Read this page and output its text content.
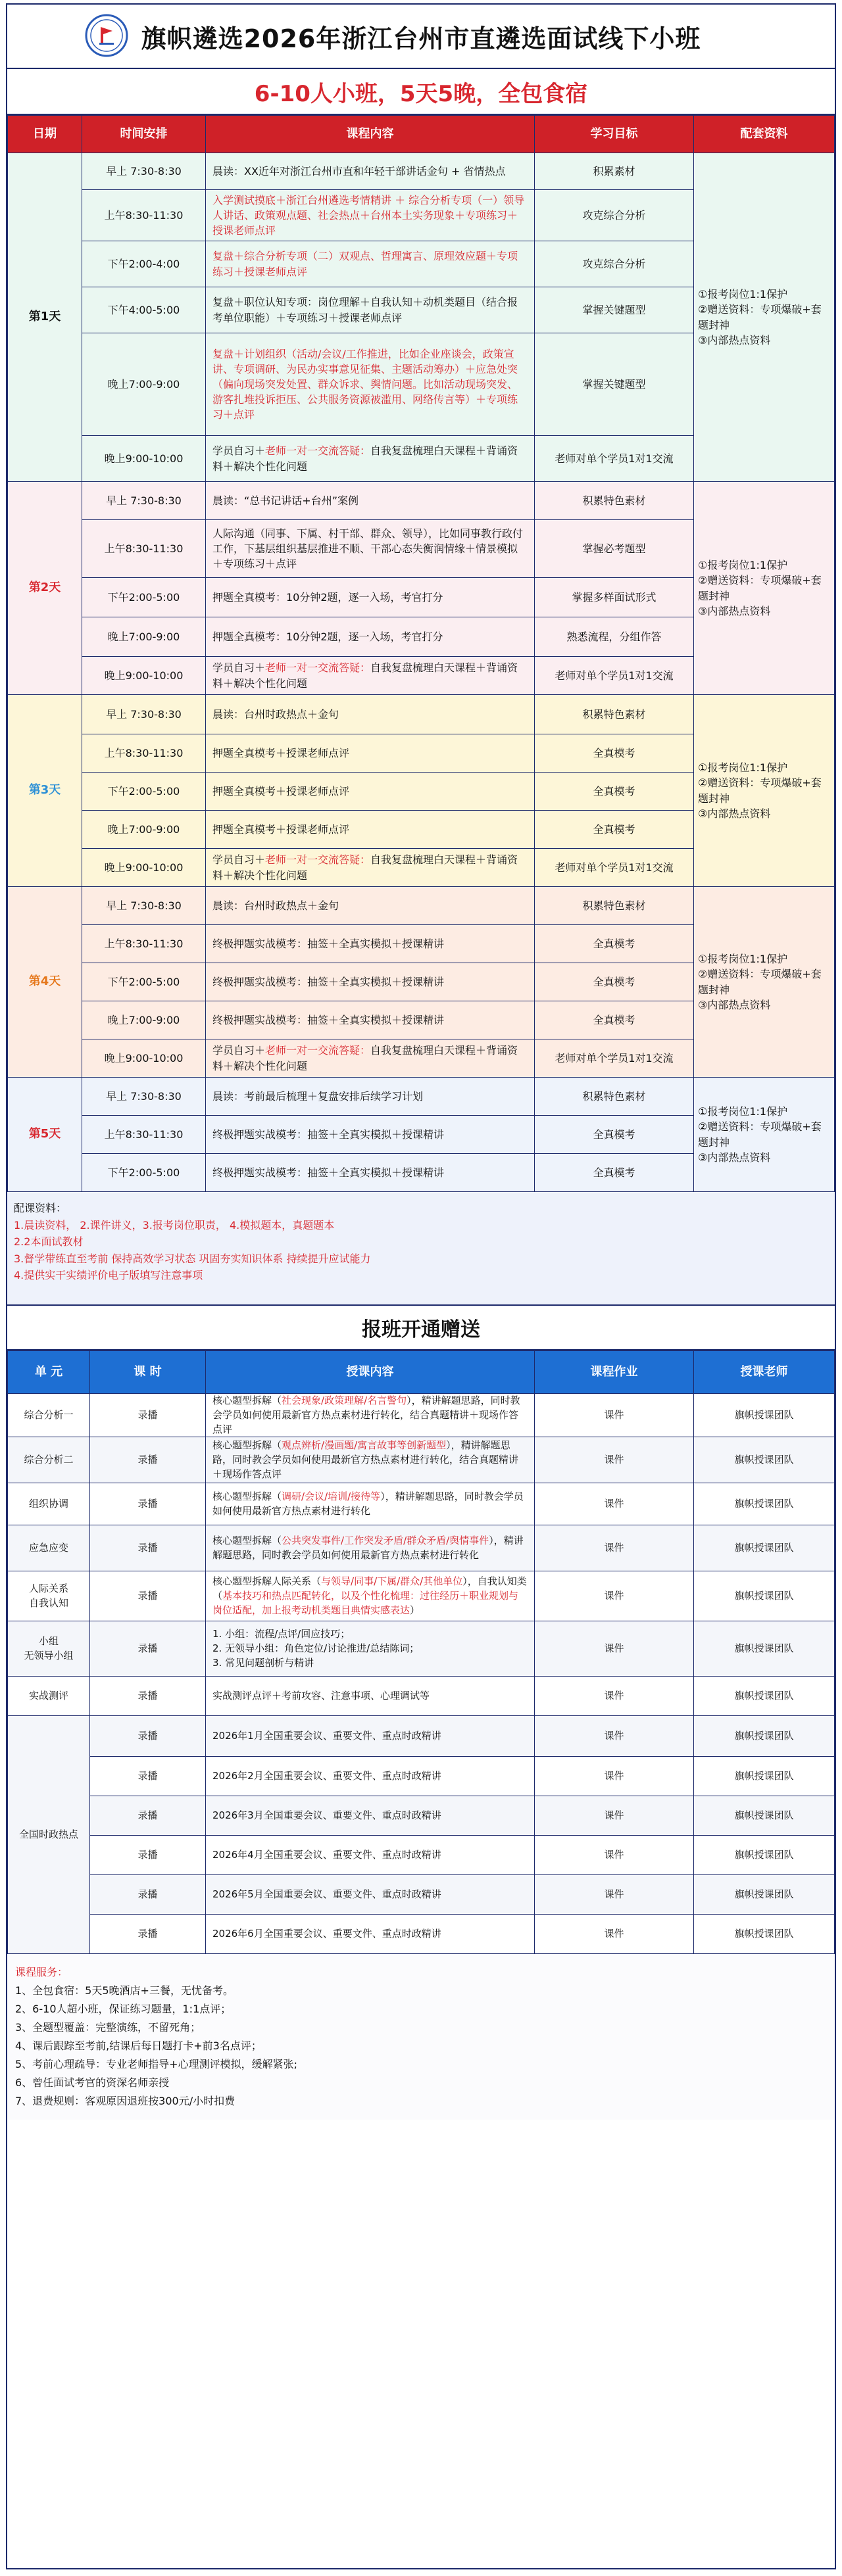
旗帜遴选2026年浙江台州市直遴选面试线下小班
6-10人小班，5天5晚，全包食宿
日期	时间安排	课程内容	学习目标	配套资料
第1天	早上 7:30-8:30	晨读：XX近年对浙江台州市直和年轻干部讲话金句 + 省情热点	积累素材	①报考岗位1:1保护
②赠送资料：专项爆破+套题封神
③内部热点资料
	上午8:30-11:30	入学测试摸底＋浙江台州遴选考情精讲 ＋ 综合分析专项（一）领导人讲话、政策观点题、社会热点＋台州本土实务现象＋专项练习＋授课老师点评	攻克综合分析	
	下午2:00-4:00	复盘＋综合分析专项（二）双观点、哲理寓言、原理效应题＋专项练习＋授课老师点评	攻克综合分析	
	下午4:00-5:00	复盘＋职位认知专项：岗位理解＋自我认知＋动机类题目（结合报考单位职能）＋专项练习＋授课老师点评	掌握关键题型	
	晚上7:00-9:00	复盘＋计划组织（活动/会议/工作推进，比如企业座谈会，政策宣讲、专项调研、为民办实事意见征集、主题活动筹办）＋应急处突（偏向现场突发处置、群众诉求、舆情问题。比如活动现场突发、游客扎堆投诉拒压、公共服务资源被滥用、网络传言等）＋专项练习＋点评	掌握关键题型	
	晚上9:00-10:00	学员自习＋老师一对一交流答疑：自我复盘梳理白天课程＋背诵资料＋解决个性化问题	老师对单个学员1对1交流	
第2天	早上 7:30-8:30	晨读：“总书记讲话+台州”案例	积累特色素材	①报考岗位1:1保护
②赠送资料：专项爆破+套题封神
③内部热点资料
	上午8:30-11:30	人际沟通（同事、下属、村干部、群众、领导），比如同事教行政付工作，下基层组织基层推进不顺、干部心态失衡润情缘＋情景模拟＋专项练习＋点评	掌握必考题型	
	下午2:00-5:00	押题全真模考：10分钟2题，逐一入场，考官打分	掌握多样面试形式	
	晚上7:00-9:00	押题全真模考：10分钟2题，逐一入场，考官打分	熟悉流程，分组作答	
	晚上9:00-10:00	学员自习＋老师一对一交流答疑：自我复盘梳理白天课程＋背诵资料＋解决个性化问题	老师对单个学员1对1交流	
第3天	早上 7:30-8:30	晨读：台州时政热点＋金句	积累特色素材	①报考岗位1:1保护
②赠送资料：专项爆破+套题封神
③内部热点资料
	上午8:30-11:30	押题全真模考＋授课老师点评	全真模考	
	下午2:00-5:00	押题全真模考＋授课老师点评	全真模考	
	晚上7:00-9:00	押题全真模考＋授课老师点评	全真模考	
	晚上9:00-10:00	学员自习＋老师一对一交流答疑：自我复盘梳理白天课程＋背诵资料＋解决个性化问题	老师对单个学员1对1交流	
第4天	早上 7:30-8:30	晨读：台州时政热点＋金句	积累特色素材	①报考岗位1:1保护
②赠送资料：专项爆破+套题封神
③内部热点资料
	上午8:30-11:30	终极押题实战模考：抽签＋全真实模拟＋授课精讲	全真模考	
	下午2:00-5:00	终极押题实战模考：抽签＋全真实模拟＋授课精讲	全真模考	
	晚上7:00-9:00	终极押题实战模考：抽签＋全真实模拟＋授课精讲	全真模考	
	晚上9:00-10:00	学员自习＋老师一对一交流答疑：自我复盘梳理白天课程＋背诵资料＋解决个性化问题	老师对单个学员1对1交流	
第5天	早上 7:30-8:30	晨读：考前最后梳理＋复盘安排后续学习计划	积累特色素材	①报考岗位1:1保护
②赠送资料：专项爆破+套题封神
③内部热点资料
	上午8:30-11:30	终极押题实战模考：抽签＋全真实模拟＋授课精讲	全真模考	
	下午2:00-5:00	终极押题实战模考：抽签＋全真实模拟＋授课精讲	全真模考	
配课资料：
1.晨读资料， 2.课件讲义，3.报考岗位职责， 4.模拟题本，真题题本
2.2本面试教材
3.督学带练直至考前 保持高效学习状态 巩固夯实知识体系 持续提升应试能力
4.提供实干实绩评价电子版填写注意事项
报班开通赠送
单 元	课 时	授课内容	课程作业	授课老师
综合分析一	录播	核心题型拆解（社会现象/政策理解/名言警句），精讲解题思路，同时教会学员如何使用最新官方热点素材进行转化，结合真题精讲＋现场作答点评	课件	旗帜授课团队
综合分析二	录播	核心题型拆解（观点辨析/漫画题/寓言故事等创新题型），精讲解题思路，同时教会学员如何使用最新官方热点素材进行转化，结合真题精讲＋现场作答点评	课件	旗帜授课团队
组织协调	录播	核心题型拆解（调研/会议/培训/接待等），精讲解题思路，同时教会学员如何使用最新官方热点素材进行转化	课件	旗帜授课团队
应急应变	录播	核心题型拆解（公共突发事件/工作突发矛盾/群众矛盾/舆情事件），精讲解题思路，同时教会学员如何使用最新官方热点素材进行转化	课件	旗帜授课团队
人际关系
自我认知	录播	核心题型拆解人际关系（与领导/同事/下属/群众/其他单位），自我认知类（基本技巧和热点匹配转化，以及个性化梳理：过往经历＋职业规划与岗位适配，加上报考动机类题目典情实感表达）	课件	旗帜授课团队
小组
无领导小组	录播	1. 小组：流程/点评/回应技巧；
2. 无领导小组：角色定位/讨论推进/总结陈词；
3. 常见问题剖析与精讲	课件	旗帜授课团队
实战测评	录播	实战测评点评＋考前攻容、注意事项、心理调试等	课件	旗帜授课团队
全国时政热点	录播	2026年1月全国重要会议、重要文件、重点时政精讲	课件	旗帜授课团队
	录播	2026年2月全国重要会议、重要文件、重点时政精讲	课件	旗帜授课团队
	录播	2026年3月全国重要会议、重要文件、重点时政精讲	课件	旗帜授课团队
	录播	2026年4月全国重要会议、重要文件、重点时政精讲	课件	旗帜授课团队
	录播	2026年5月全国重要会议、重要文件、重点时政精讲	课件	旗帜授课团队
	录播	2026年6月全国重要会议、重要文件、重点时政精讲	课件	旗帜授课团队
课程服务：
1、全包食宿：5天5晚酒店+三餐，无忧备考。
2、6-10人超小班，保证练习题量，1:1点评；
3、全题型覆盖：完整演练，不留死角；
4、课后跟踪至考前,结课后每日题打卡+前3名点评；
5、考前心理疏导：专业老师指导+心理测评模拟，缓解紧张;
6、曾任面试考官的资深名师亲授
7、退费规则：客观原因退班按300元/小时扣费
